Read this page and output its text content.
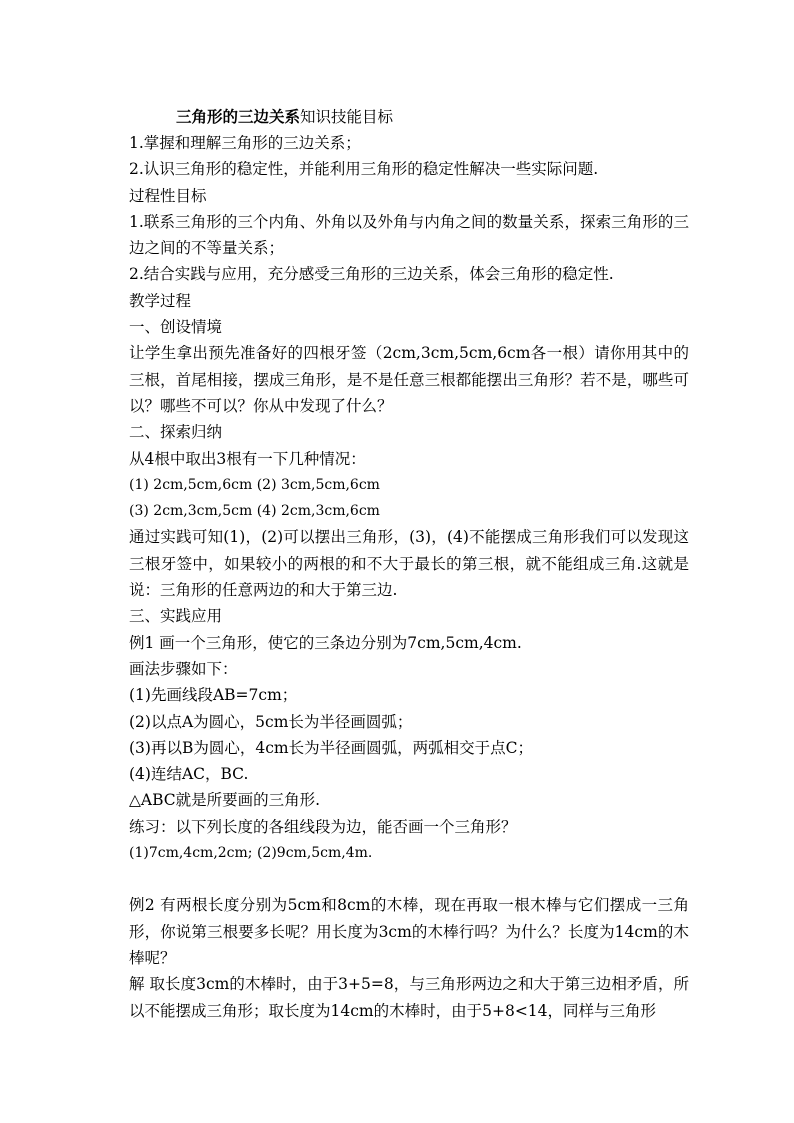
三角形的三边关系知识技能目标

1.掌握和理解三角形的三边关系；

2.认识三角形的稳定性，并能利用三角形的稳定性解决一些实际问题.

过程性目标

1.联系三角形的三个内角、外角以及外角与内角之间的数量关系，探索三角形的三边之间的不等量关系；

2.结合实践与应用，充分感受三角形的三边关系，体会三角形的稳定性.

教学过程

一、创设情境

让学生拿出预先准备好的四根牙签（2cm,3cm,5cm,6cm各一根）请你用其中的三根，首尾相接，摆成三角形，是不是任意三根都能摆出三角形？若不是，哪些可以？哪些不可以？你从中发现了什么？

二、探索归纳

从4根中取出3根有一下几种情况：

(1) 2cm,5cm,6cm (2) 3cm,5cm,6cm

(3) 2cm,3cm,5cm (4) 2cm,3cm,6cm

通过实践可知(1)，(2)可以摆出三角形，(3)，(4)不能摆成三角形我们可以发现这三根牙签中，如果较小的两根的和不大于最长的第三根，就不能组成三角.这就是说：三角形的任意两边的和大于第三边.

三、实践应用

例1 画一个三角形，使它的三条边分别为7cm,5cm,4cm.

画法步骤如下：

(1)先画线段AB=7cm；

(2)以点A为圆心，5cm长为半径画圆弧；

(3)再以B为圆心，4cm长为半径画圆弧，两弧相交于点C；

(4)连结AC，BC.

△ABC就是所要画的三角形.

练习：以下列长度的各组线段为边，能否画一个三角形？

(1)7cm,4cm,2cm; (2)9cm,5cm,4m.

例2 有两根长度分别为5cm和8cm的木棒，现在再取一根木棒与它们摆成一三角形，你说第三根要多长呢？用长度为3cm的木棒行吗？为什么？长度为14cm的木棒呢？

解 取长度3cm的木棒时，由于3+5=8，与三角形两边之和大于第三边相矛盾，所以不能摆成三角形；取长度为14cm的木棒时，由于5+8<14，同样与三角形
